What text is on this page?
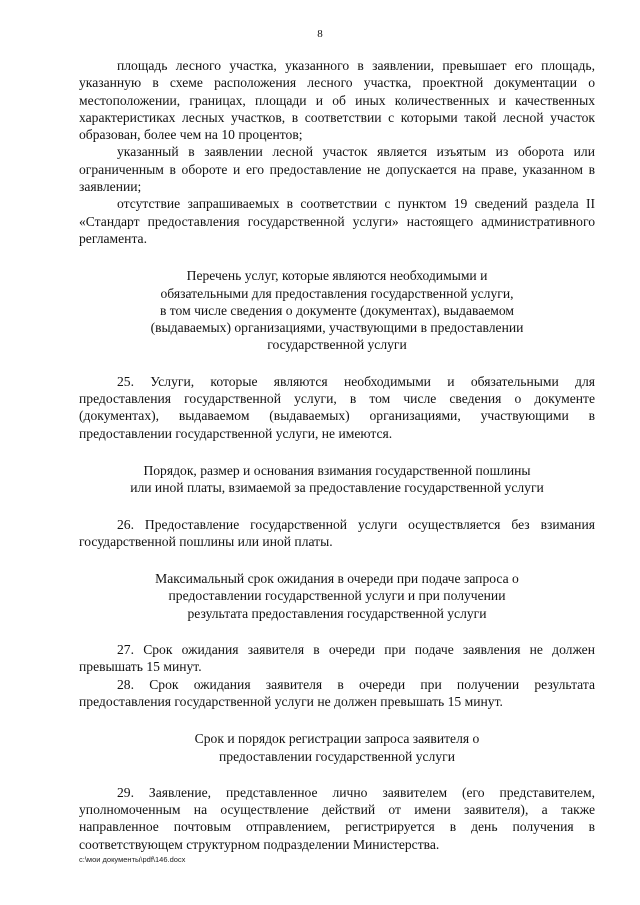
8

площадь лесного участка, указанного в заявлении, превышает его площадь, указанную в схеме расположения лесного участка, проектной документации о местоположении, границах, площади и об иных количественных и качественных характеристиках лесных участков, в соответствии с которыми такой лесной участок образован, более чем на 10 процентов;

указанный в заявлении лесной участок является изъятым из оборота или ограниченным в обороте и его предоставление не допускается на праве, указанном в заявлении;

отсутствие запрашиваемых в соответствии с пунктом 19 сведений раздела II «Стандарт предоставления государственной услуги» настоящего административного регламента.

Перечень услуг, которые являются необходимыми и
обязательными для предоставления государственной услуги,
в том числе сведения о документе (документах), выдаваемом
(выдаваемых) организациями, участвующими в предоставлении
государственной услуги

25. Услуги, которые являются необходимыми и обязательными для предоставления государственной услуги, в том числе сведения о документе (документах), выдаваемом (выдаваемых) организациями, участвующими в предоставлении государственной услуги, не имеются.

Порядок, размер и основания взимания государственной пошлины
или иной платы, взимаемой за предоставление государственной услуги

26. Предоставление государственной услуги осуществляется без взимания государственной пошлины или иной платы.

Максимальный срок ожидания в очереди при подаче запроса о
предоставлении государственной услуги и при получении
результата предоставления государственной услуги

27. Срок ожидания заявителя в очереди при подаче заявления не должен превышать 15 минут.

28. Срок ожидания заявителя в очереди при получении результата предоставления государственной услуги не должен превышать 15 минут.

Срок и порядок регистрации запроса заявителя о
предоставлении государственной услуги

29. Заявление, представленное лично заявителем (его представителем, уполномоченным на осуществление действий от имени заявителя), а также направленное почтовым отправлением, регистрируется в день получения в соответствующем структурном подразделении Министерства.

c:\мои документы\pdf\146.docx
